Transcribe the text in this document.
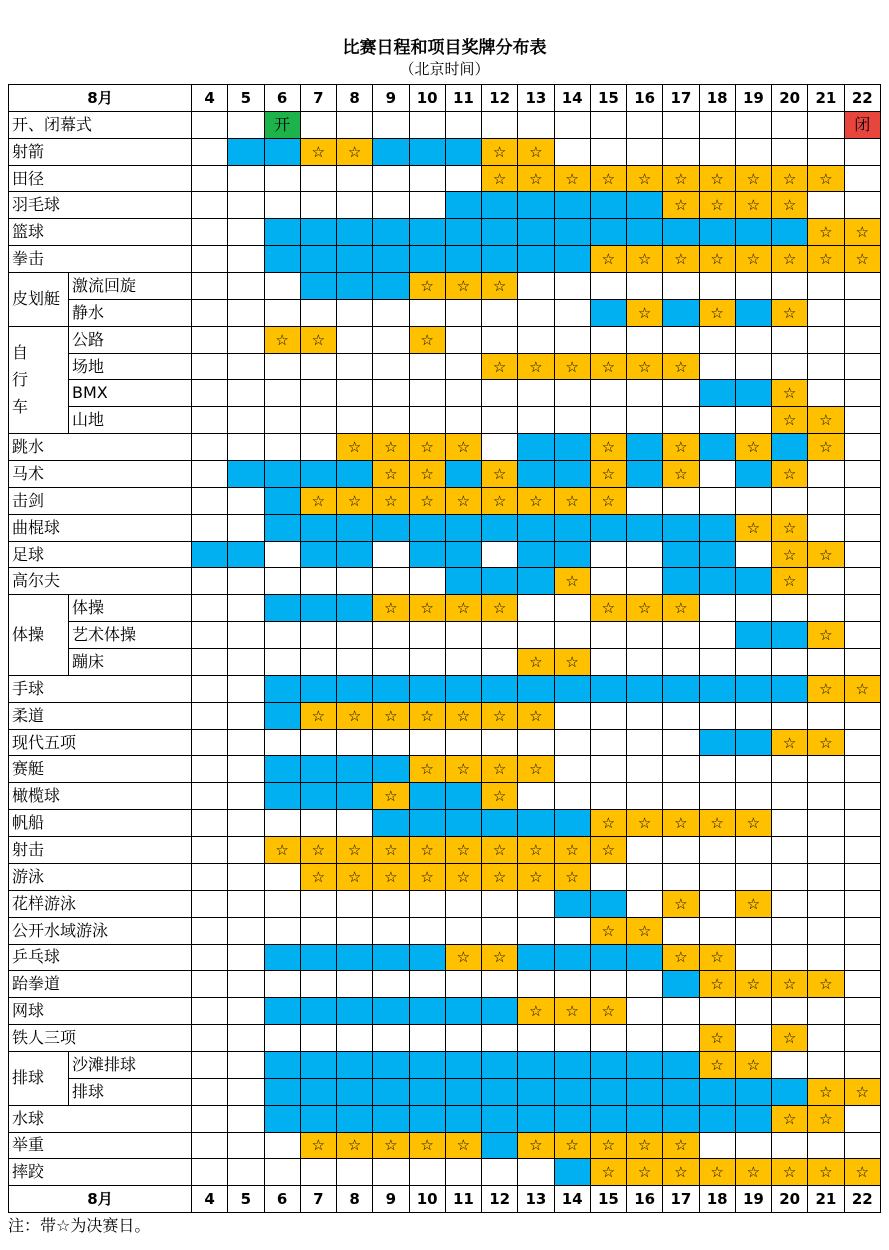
比赛日程和项目奖牌分布表
（北京时间）
8月		4	5	6	7	8	9	10	11	12	13	14	15	16	17	18	19	20	21	22
开、闭幕式				开																闭
射箭					☆	☆				☆	☆									
田径										☆	☆	☆	☆	☆	☆	☆	☆	☆	☆	
羽毛球															☆	☆	☆	☆		
篮球																			☆	☆
拳击													☆	☆	☆	☆	☆	☆	☆	☆
皮划艇	激流回旋							☆	☆	☆										
	静水													☆		☆		☆		
自行车	公路			☆	☆			☆												
	场地									☆	☆	☆	☆	☆	☆					
	BMX																	☆		
	山地																	☆	☆	
跳水						☆	☆	☆	☆				☆		☆		☆		☆	
马术							☆	☆		☆			☆		☆			☆		
击剑					☆	☆	☆	☆	☆	☆	☆	☆	☆							
曲棍球																	☆	☆		
足球																		☆	☆	
高尔夫												☆						☆		
体操	体操						☆	☆	☆	☆			☆	☆	☆					
	艺术体操																		☆	
	蹦床										☆	☆								
手球																			☆	☆
柔道					☆	☆	☆	☆	☆	☆	☆									
现代五项																		☆	☆	
赛艇								☆	☆	☆	☆									
橄榄球							☆			☆										
帆船													☆	☆	☆	☆	☆			
射击				☆	☆	☆	☆	☆	☆	☆	☆	☆	☆							
游泳					☆	☆	☆	☆	☆	☆	☆	☆								
花样游泳															☆		☆			
公开水域游泳													☆	☆						
乒乓球									☆	☆					☆	☆				
跆拳道																☆	☆	☆	☆	
网球											☆	☆	☆							
铁人三项																☆		☆		
排球	沙滩排球															☆	☆			
	排球																		☆	☆
水球																		☆	☆	
举重					☆	☆	☆	☆	☆		☆	☆	☆	☆	☆					
摔跤													☆	☆	☆	☆	☆	☆	☆	☆
8月		4	5	6	7	8	9	10	11	12	13	14	15	16	17	18	19	20	21	22
注：带☆为决赛日。
